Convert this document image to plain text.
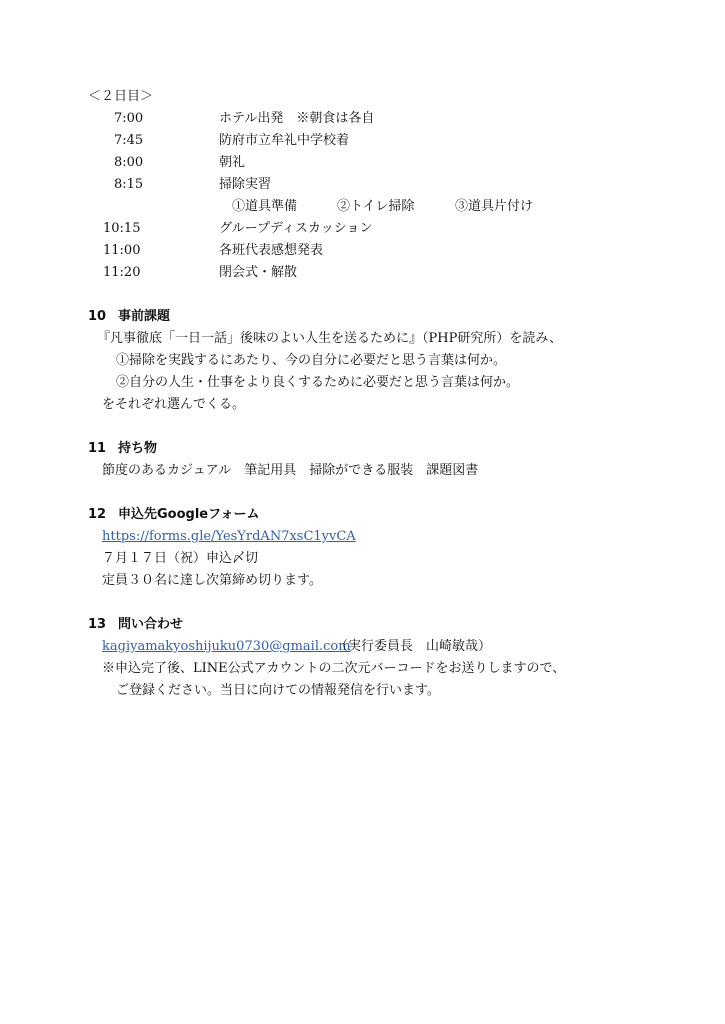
＜２日目＞
7:00	ホテル出発　※朝食は各自
7:45	防府市立牟礼中学校着
8:00	朝礼
8:15	掃除実習
①道具準備	②トイレ掃除	③道具片付け
10:15	グループディスカッション
11:00	各班代表感想発表
11:20	閉会式・解散
10 事前課題
『凡事徹底「一日一話」後味のよい人生を送るために』（PHP研究所）を読み、
①掃除を実践するにあたり、今の自分に必要だと思う言葉は何か。
②自分の人生・仕事をより良くするために必要だと思う言葉は何か。
をそれぞれ選んでくる。
11 持ち物
節度のあるカジュアル　筆記用具　掃除ができる服装　課題図書
12 申込先Googleフォーム
https://forms.gle/YesYrdAN7xsC1yvCA
７月１７日（祝）申込〆切
定員３０名に達し次第締め切ります。
13 問い合わせ
kagiyamakyoshijuku0730@gmail.com
（実行委員長　山崎敏哉）
※申込完了後、LINE公式アカウントの二次元バーコードをお送りしますので、
ご登録ください。当日に向けての情報発信を行います。
